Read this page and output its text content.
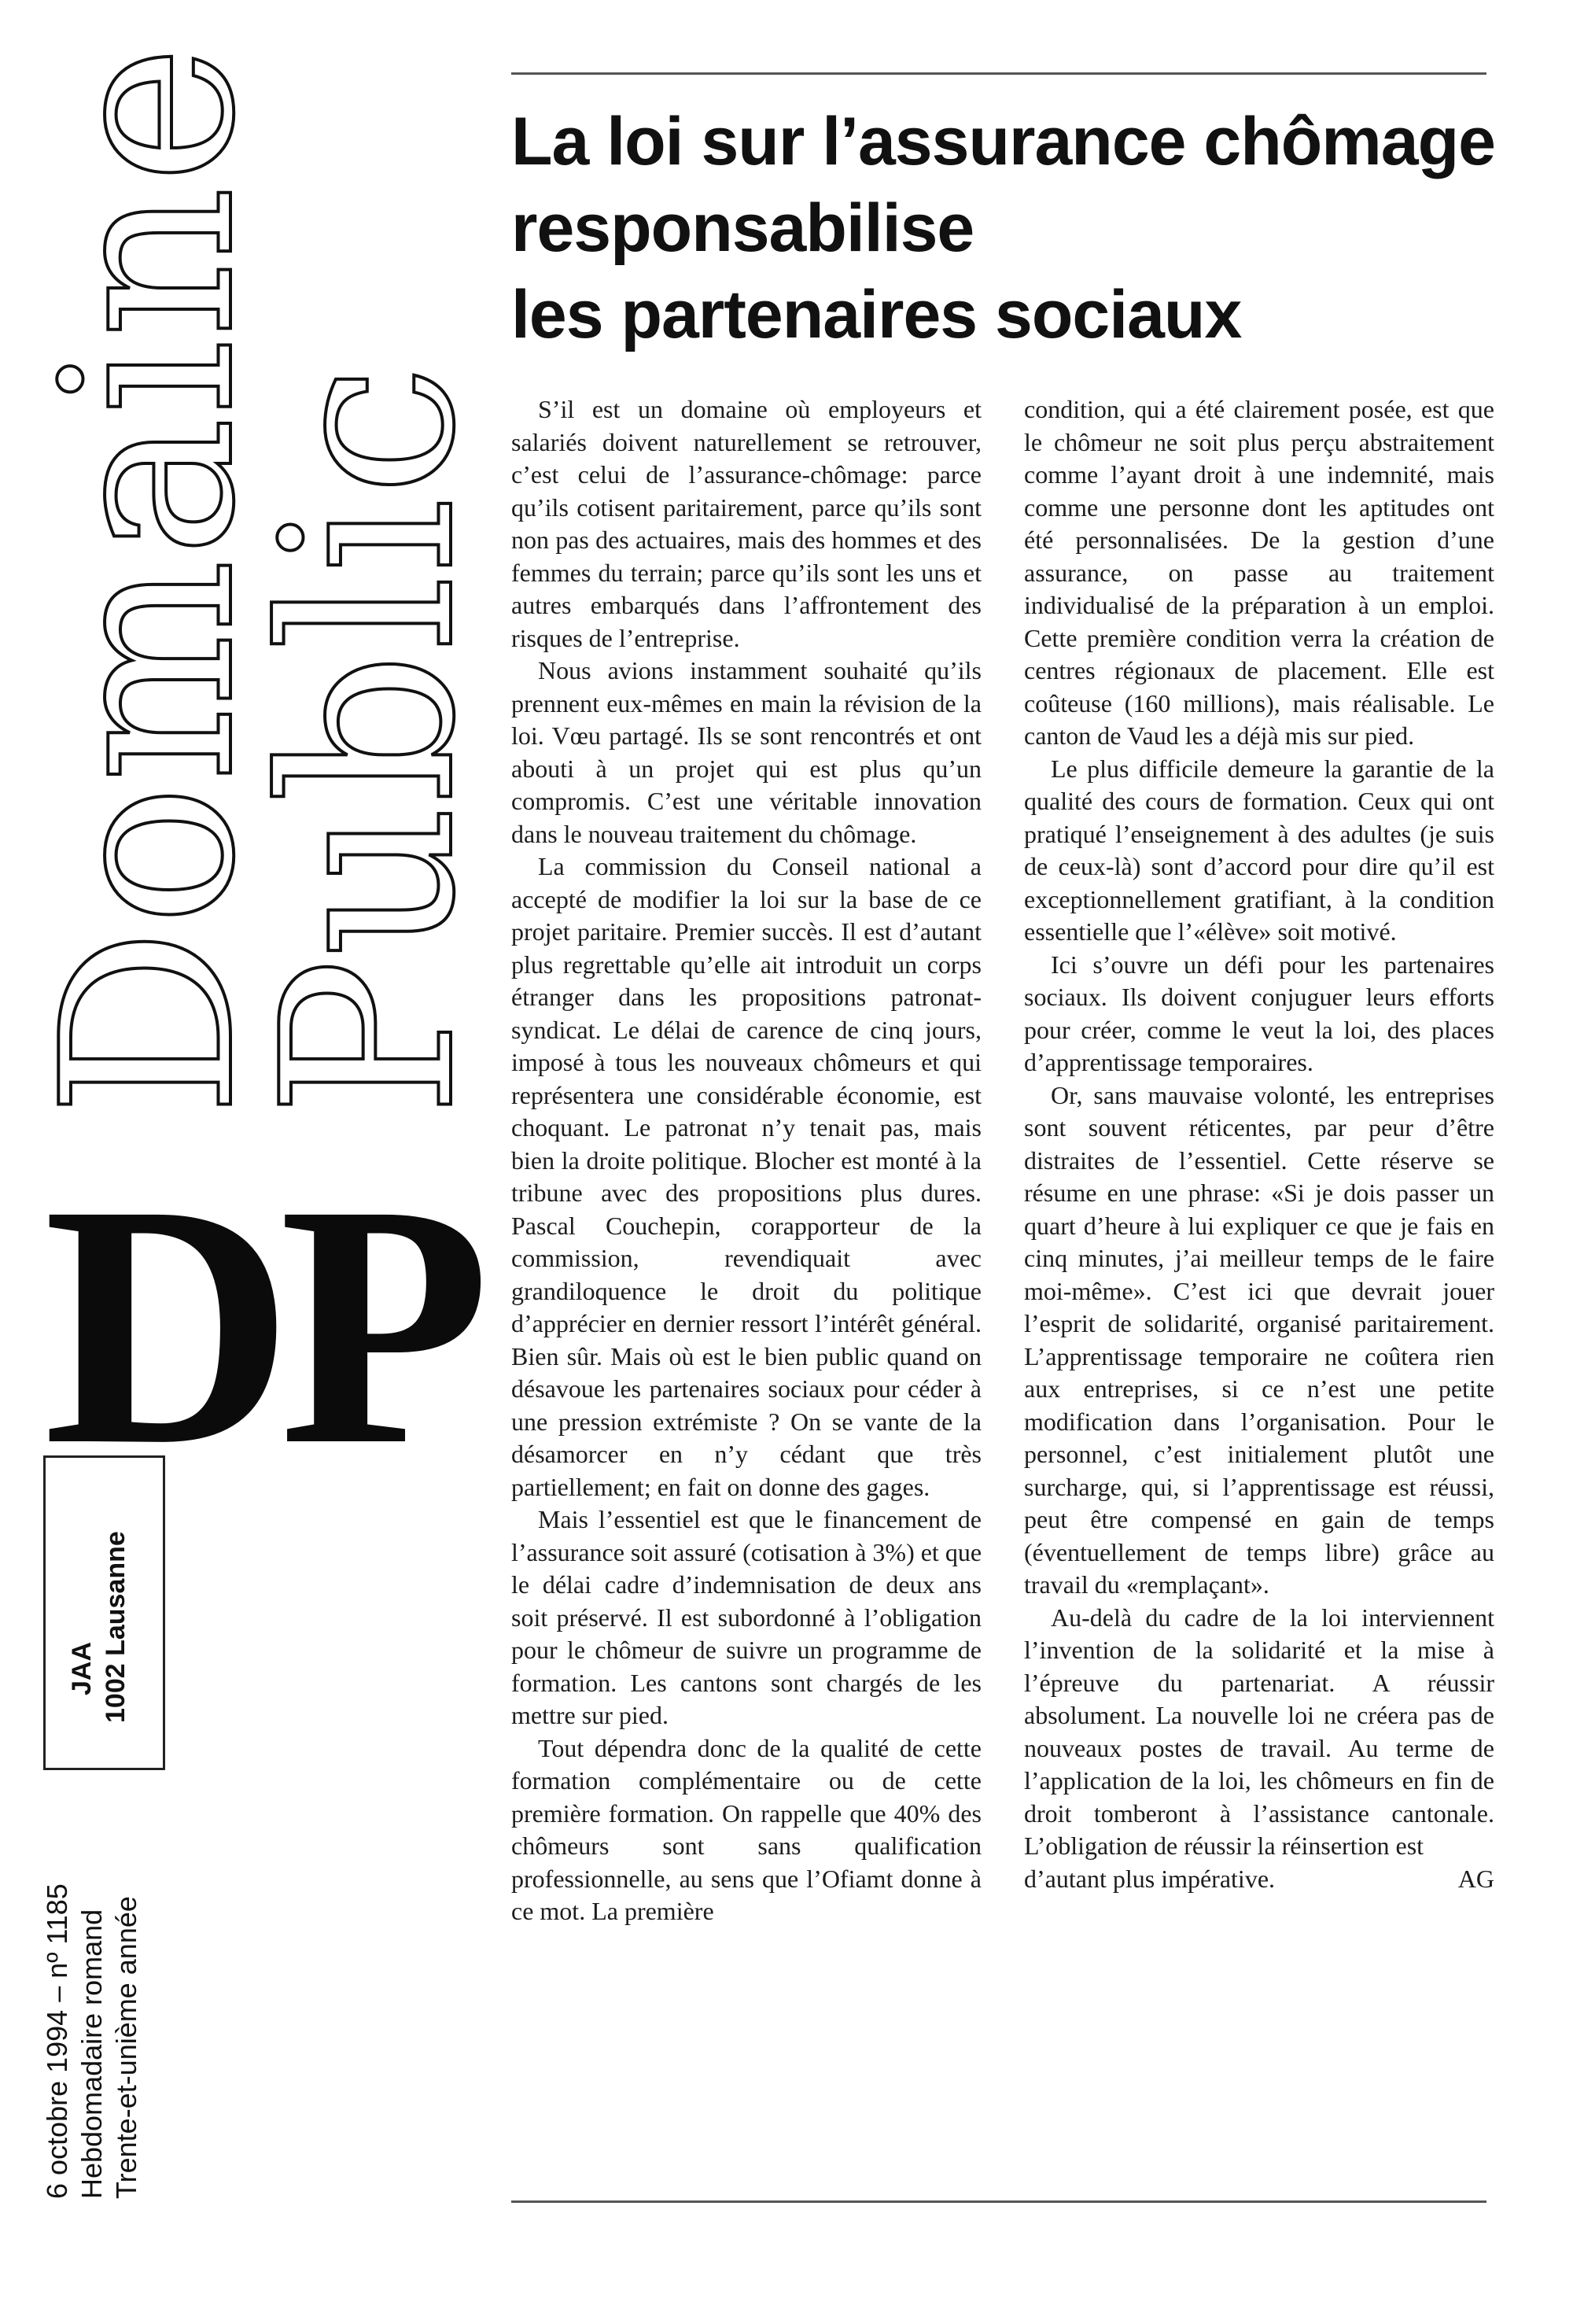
Domaine
Public
DP
JAA 1002 Lausanne
6 octobre 1994 – nº 1185 Hebdomadaire romand Trente-et-unième année
La loi sur l’assurance chômage
responsabilise
les partenaires sociaux

S’il est un domaine où employeurs et salariés doivent naturellement se retrouver, c’est celui de l’assurance-chômage: parce qu’ils cotisent paritairement, parce qu’ils sont non pas des actuaires, mais des hommes et des femmes du terrain; parce qu’ils sont les uns et autres embarqués dans l’affrontement des risques de l’entreprise.

Nous avions instamment souhaité qu’ils prennent eux-mêmes en main la révision de la loi. Vœu partagé. Ils se sont rencontrés et ont abouti à un projet qui est plus qu’un compromis. C’est une véritable innovation dans le nouveau traitement du chômage.

La commission du Conseil national a accepté de modifier la loi sur la base de ce projet paritaire. Premier succès. Il est d’autant plus regrettable qu’elle ait introduit un corps étranger dans les propositions patronat-syndicat. Le délai de carence de cinq jours, imposé à tous les nouveaux chômeurs et qui représentera une considérable économie, est choquant. Le patronat n’y tenait pas, mais bien la droite politique. Blocher est monté à la tribune avec des propositions plus dures. Pascal Couchepin, corapporteur de la commission, revendiquait avec grandiloquence le droit du politique d’apprécier en dernier ressort l’intérêt général. Bien sûr. Mais où est le bien public quand on désavoue les partenaires sociaux pour céder à une pression extrémiste ? On se vante de la désamorcer en n’y cédant que très partiellement; en fait on donne des gages.

Mais l’essentiel est que le financement de l’assurance soit assuré (cotisation à 3%) et que le délai cadre d’indemnisation de deux ans soit préservé. Il est subordonné à l’obligation pour le chômeur de suivre un programme de formation. Les cantons sont chargés de les mettre sur pied.

Tout dépendra donc de la qualité de cette formation complémentaire ou de cette première formation. On rappelle que 40% des chômeurs sont sans qualification professionnelle, au sens que l’Ofiamt donne à ce mot. La première

condition, qui a été clairement posée, est que le chômeur ne soit plus perçu abstraitement comme l’ayant droit à une indemnité, mais comme une personne dont les aptitudes ont été personnalisées. De la gestion d’une assurance, on passe au traitement individualisé de la préparation à un emploi. Cette première condition verra la création de centres régionaux de placement. Elle est coûteuse (160 millions), mais réalisable. Le canton de Vaud les a déjà mis sur pied.

Le plus difficile demeure la garantie de la qualité des cours de formation. Ceux qui ont pratiqué l’enseignement à des adultes (je suis de ceux-là) sont d’accord pour dire qu’il est exceptionnellement gratifiant, à la condition essentielle que l’«élève» soit motivé.

Ici s’ouvre un défi pour les partenaires sociaux. Ils doivent conjuguer leurs efforts pour créer, comme le veut la loi, des places d’apprentissage temporaires.

Or, sans mauvaise volonté, les entreprises sont souvent réticentes, par peur d’être distraites de l’essentiel. Cette réserve se résume en une phrase: «Si je dois passer un quart d’heure à lui expliquer ce que je fais en cinq minutes, j’ai meilleur temps de le faire moi-même». C’est ici que devrait jouer l’esprit de solidarité, organisé paritairement. L’apprentissage temporaire ne coûtera rien aux entreprises, si ce n’est une petite modification dans l’organisation. Pour le personnel, c’est initialement plutôt une surcharge, qui, si l’apprentissage est réussi, peut être compensé en gain de temps (éventuellement de temps libre) grâce au travail du «remplaçant».

Au-delà du cadre de la loi interviennent l’invention de la solidarité et la mise à l’épreuve du partenariat. A réussir absolument. La nouvelle loi ne créera pas de nouveaux postes de travail. Au terme de l’application de la loi, les chômeurs en fin de droit tomberont à l’assistance cantonale. L’obligation de réussir la réinsertion est

d’autant plus impérative.	AG
